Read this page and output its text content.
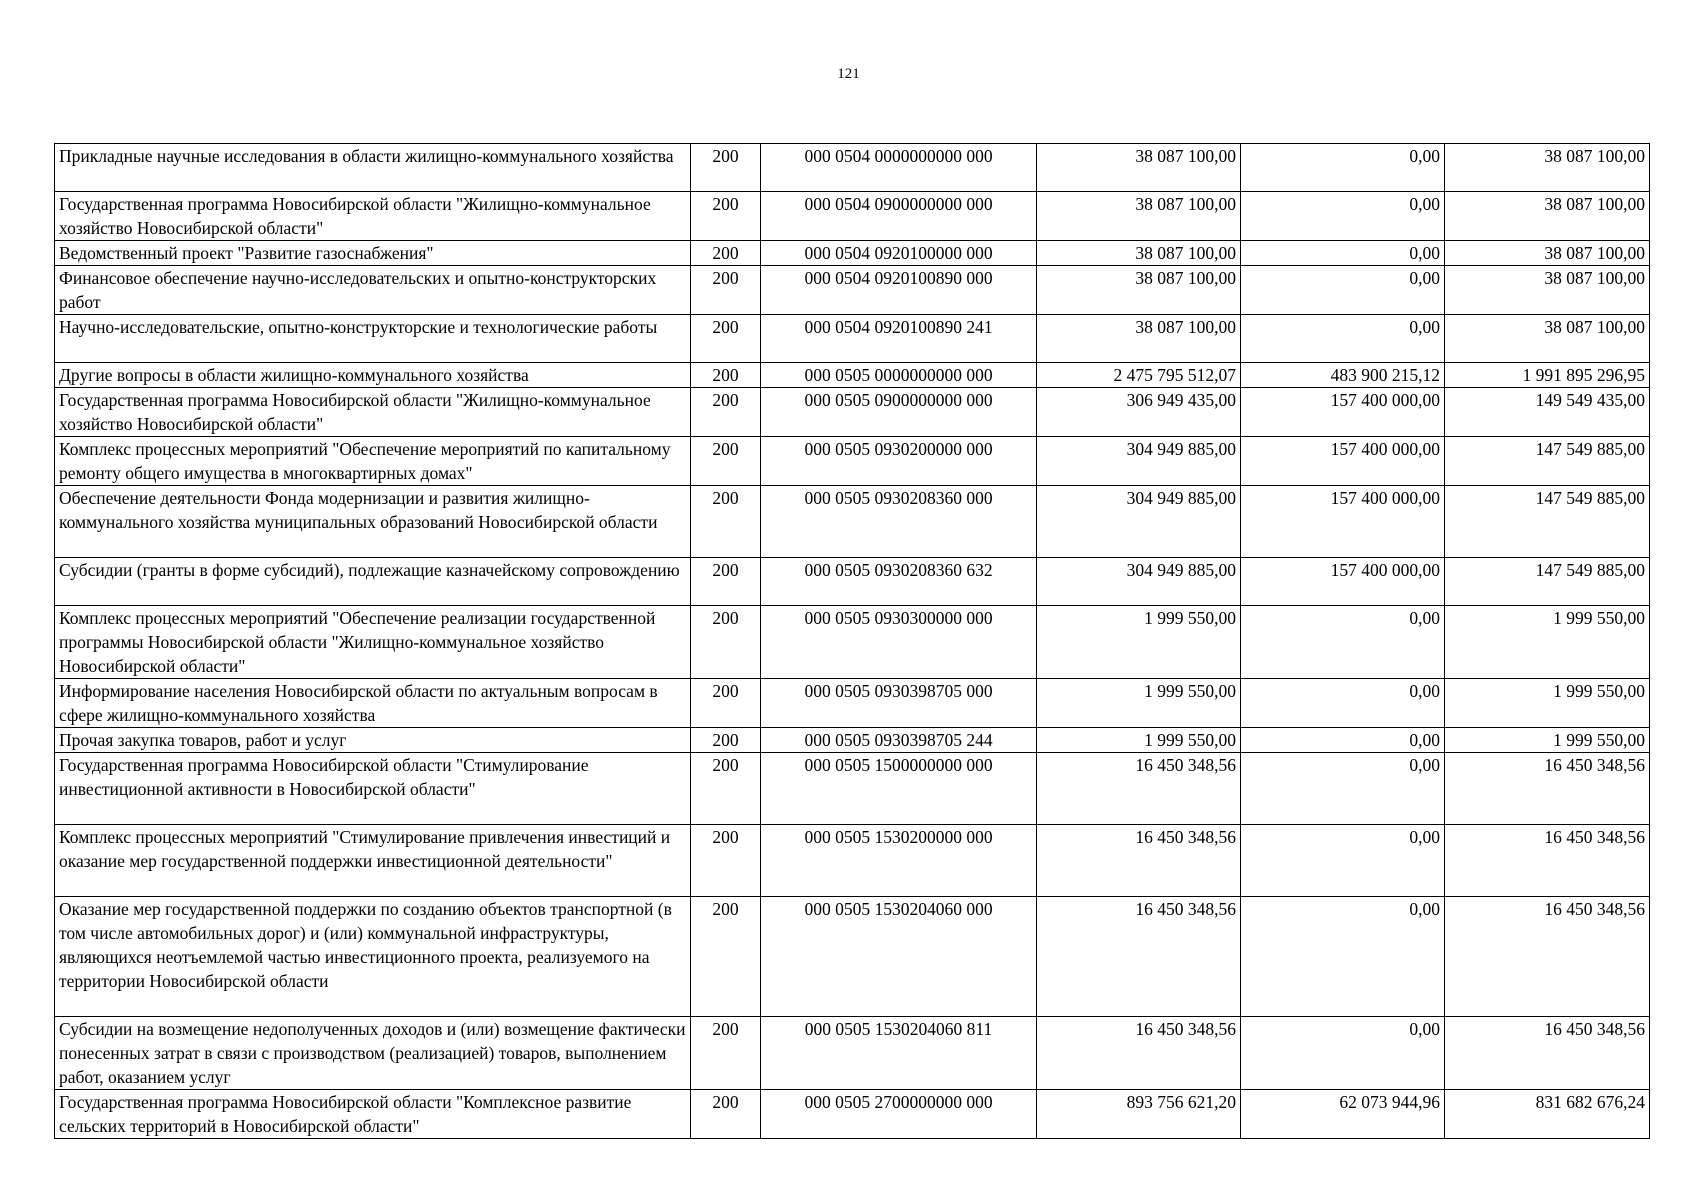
121
Прикладные научные исследования в области жилищно-коммунального хозяйства	200	000 0504 0000000000 000	38 087 100,00	0,00	38 087 100,00
Государственная программа Новосибирской области "Жилищно-коммунальное хозяйство Новосибирской области"	200	000 0504 0900000000 000	38 087 100,00	0,00	38 087 100,00
Ведомственный проект "Развитие газоснабжения"	200	000 0504 0920100000 000	38 087 100,00	0,00	38 087 100,00
Финансовое обеспечение научно-исследовательских и опытно-конструкторских работ	200	000 0504 0920100890 000	38 087 100,00	0,00	38 087 100,00
Научно-исследовательские, опытно-конструкторские и технологические работы	200	000 0504 0920100890 241	38 087 100,00	0,00	38 087 100,00
Другие вопросы в области жилищно-коммунального хозяйства	200	000 0505 0000000000 000	2 475 795 512,07	483 900 215,12	1 991 895 296,95
Государственная программа Новосибирской области "Жилищно-коммунальное хозяйство Новосибирской области"	200	000 0505 0900000000 000	306 949 435,00	157 400 000,00	149 549 435,00
Комплекс процессных мероприятий "Обеспечение мероприятий по капитальному ремонту общего имущества в многоквартирных домах"	200	000 0505 0930200000 000	304 949 885,00	157 400 000,00	147 549 885,00
Обеспечение деятельности Фонда модернизации и развития жилищно-коммунального хозяйства муниципальных образований Новосибирской области	200	000 0505 0930208360 000	304 949 885,00	157 400 000,00	147 549 885,00
Субсидии (гранты в форме субсидий), подлежащие казначейскому сопровождению	200	000 0505 0930208360 632	304 949 885,00	157 400 000,00	147 549 885,00
Комплекс процессных мероприятий "Обеспечение реализации государственной программы Новосибирской области "Жилищно-коммунальное хозяйство Новосибирской области"	200	000 0505 0930300000 000	1 999 550,00	0,00	1 999 550,00
Информирование населения Новосибирской области по актуальным вопросам в сфере жилищно-коммунального хозяйства	200	000 0505 0930398705 000	1 999 550,00	0,00	1 999 550,00
Прочая закупка товаров, работ и услуг	200	000 0505 0930398705 244	1 999 550,00	0,00	1 999 550,00
Государственная программа Новосибирской области "Стимулирование инвестиционной активности в Новосибирской области"	200	000 0505 1500000000 000	16 450 348,56	0,00	16 450 348,56
Комплекс процессных мероприятий "Стимулирование привлечения инвестиций и оказание мер государственной поддержки инвестиционной деятельности"	200	000 0505 1530200000 000	16 450 348,56	0,00	16 450 348,56
Оказание мер государственной поддержки по созданию объектов транспортной (в том числе автомобильных дорог) и (или) коммунальной инфраструктуры, являющихся неотъемлемой частью инвестиционного проекта, реализуемого на территории Новосибирской области	200	000 0505 1530204060 000	16 450 348,56	0,00	16 450 348,56
Субсидии на возмещение недополученных доходов и (или) возмещение фактически понесенных затрат в связи с производством (реализацией) товаров, выполнением работ, оказанием услуг	200	000 0505 1530204060 811	16 450 348,56	0,00	16 450 348,56
Государственная программа Новосибирской области "Комплексное развитие сельских территорий в Новосибирской области"	200	000 0505 2700000000 000	893 756 621,20	62 073 944,96	831 682 676,24
